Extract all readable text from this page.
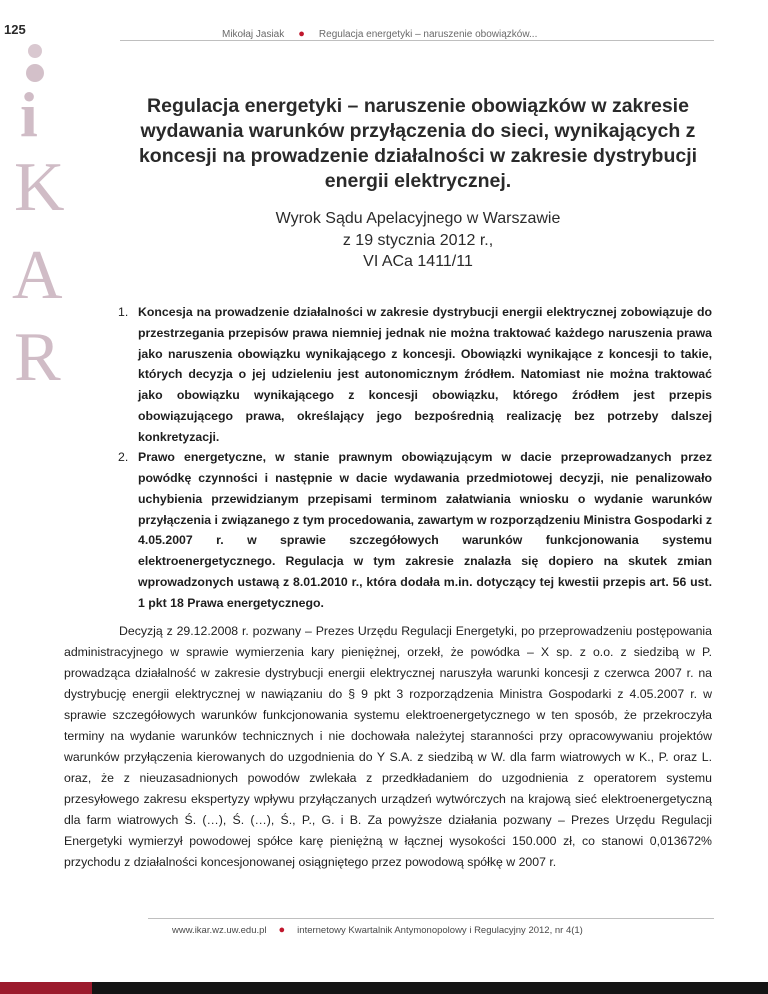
125
i
K
A
R
Mikołaj Jasiak ● Regulacja energetyki – naruszenie obowiązków...
Regulacja energetyki – naruszenie obowiązków w zakresie wydawania warunków przyłączenia do sieci, wynikających z koncesji na prowadzenie działalności w zakresie dystrybucji energii elektrycznej.
Wyrok Sądu Apelacyjnego w Warszawie
z 19 stycznia 2012 r.,
VI ACa 1411/11
1. Koncesja na prowadzenie działalności w zakresie dystrybucji energii elektrycznej zobowiązuje do przestrzegania przepisów prawa niemniej jednak nie można traktować każdego naruszenia prawa jako naruszenia obowiązku wynikającego z koncesji. Obowiązki wynikające z koncesji to takie, których decyzja o jej udzieleniu jest autonomicznym źródłem. Natomiast nie można traktować jako obowiązku wynikającego z koncesji obowiązku, którego źródłem jest przepis obowiązującego prawa, określający jego bezpośrednią realizację bez potrzeby dalszej konkretyzacji.
2. Prawo energetyczne, w stanie prawnym obowiązującym w dacie przeprowadzanych przez powódkę czynności i następnie w dacie wydawania przedmiotowej decyzji, nie penalizowało uchybienia przewidzianym przepisami terminom załatwiania wniosku o wydanie warunków przyłączenia i związanego z tym procedowania, zawartym w rozporządzeniu Ministra Gospodarki z 4.05.2007 r. w sprawie szczegółowych warunków funkcjonowania systemu elektroenergetycznego. Regulacja w tym zakresie znalazła się dopiero na skutek zmian wprowadzonych ustawą z 8.01.2010 r., która dodała m.in. dotyczący tej kwestii przepis art. 56 ust. 1 pkt 18 Prawa energetycznego.

Decyzją z 29.12.2008 r. pozwany – Prezes Urzędu Regulacji Energetyki, po przeprowadzeniu postępowania administracyjnego w sprawie wymierzenia kary pieniężnej, orzekł, że powódka – X sp. z o.o. z siedzibą w P. prowadząca działalność w zakresie dystrybucji energii elektrycznej naruszyła warunki koncesji z czerwca 2007 r. na dystrybucję energii elektrycznej w nawiązaniu do § 9 pkt 3 rozporządzenia Ministra Gospodarki z 4.05.2007 r. w sprawie szczegółowych warunków funkcjonowania systemu elektroenergetycznego w ten sposób, że przekroczyła terminy na wydanie warunków technicznych i nie dochowała należytej staranności przy opracowywaniu projektów warunków przyłączenia kierowanych do uzgodnienia do Y S.A. z siedzibą w W. dla farm wiatrowych w K., P. oraz L. oraz, że z nieuzasadnionych powodów zwlekała z przedkładaniem do uzgodnienia z operatorem systemu przesyłowego zakresu ekspertyzy wpływu przyłączanych urządzeń wytwórczych na krajową sieć elektroenergetyczną dla farm wiatrowych Ś. (…), Ś. (…), Ś., P., G. i B. Za powyższe działania pozwany – Prezes Urzędu Regulacji Energetyki wymierzył powodowej spółce karę pieniężną w łącznej wysokości 150.000 zł, co stanowi 0,013672% przychodu z działalności koncesjonowanej osiągniętego przez powodową spółkę w 2007 r.

www.ikar.wz.uw.edu.pl ● internetowy Kwartalnik Antymonopolowy i Regulacyjny 2012, nr 4(1)
